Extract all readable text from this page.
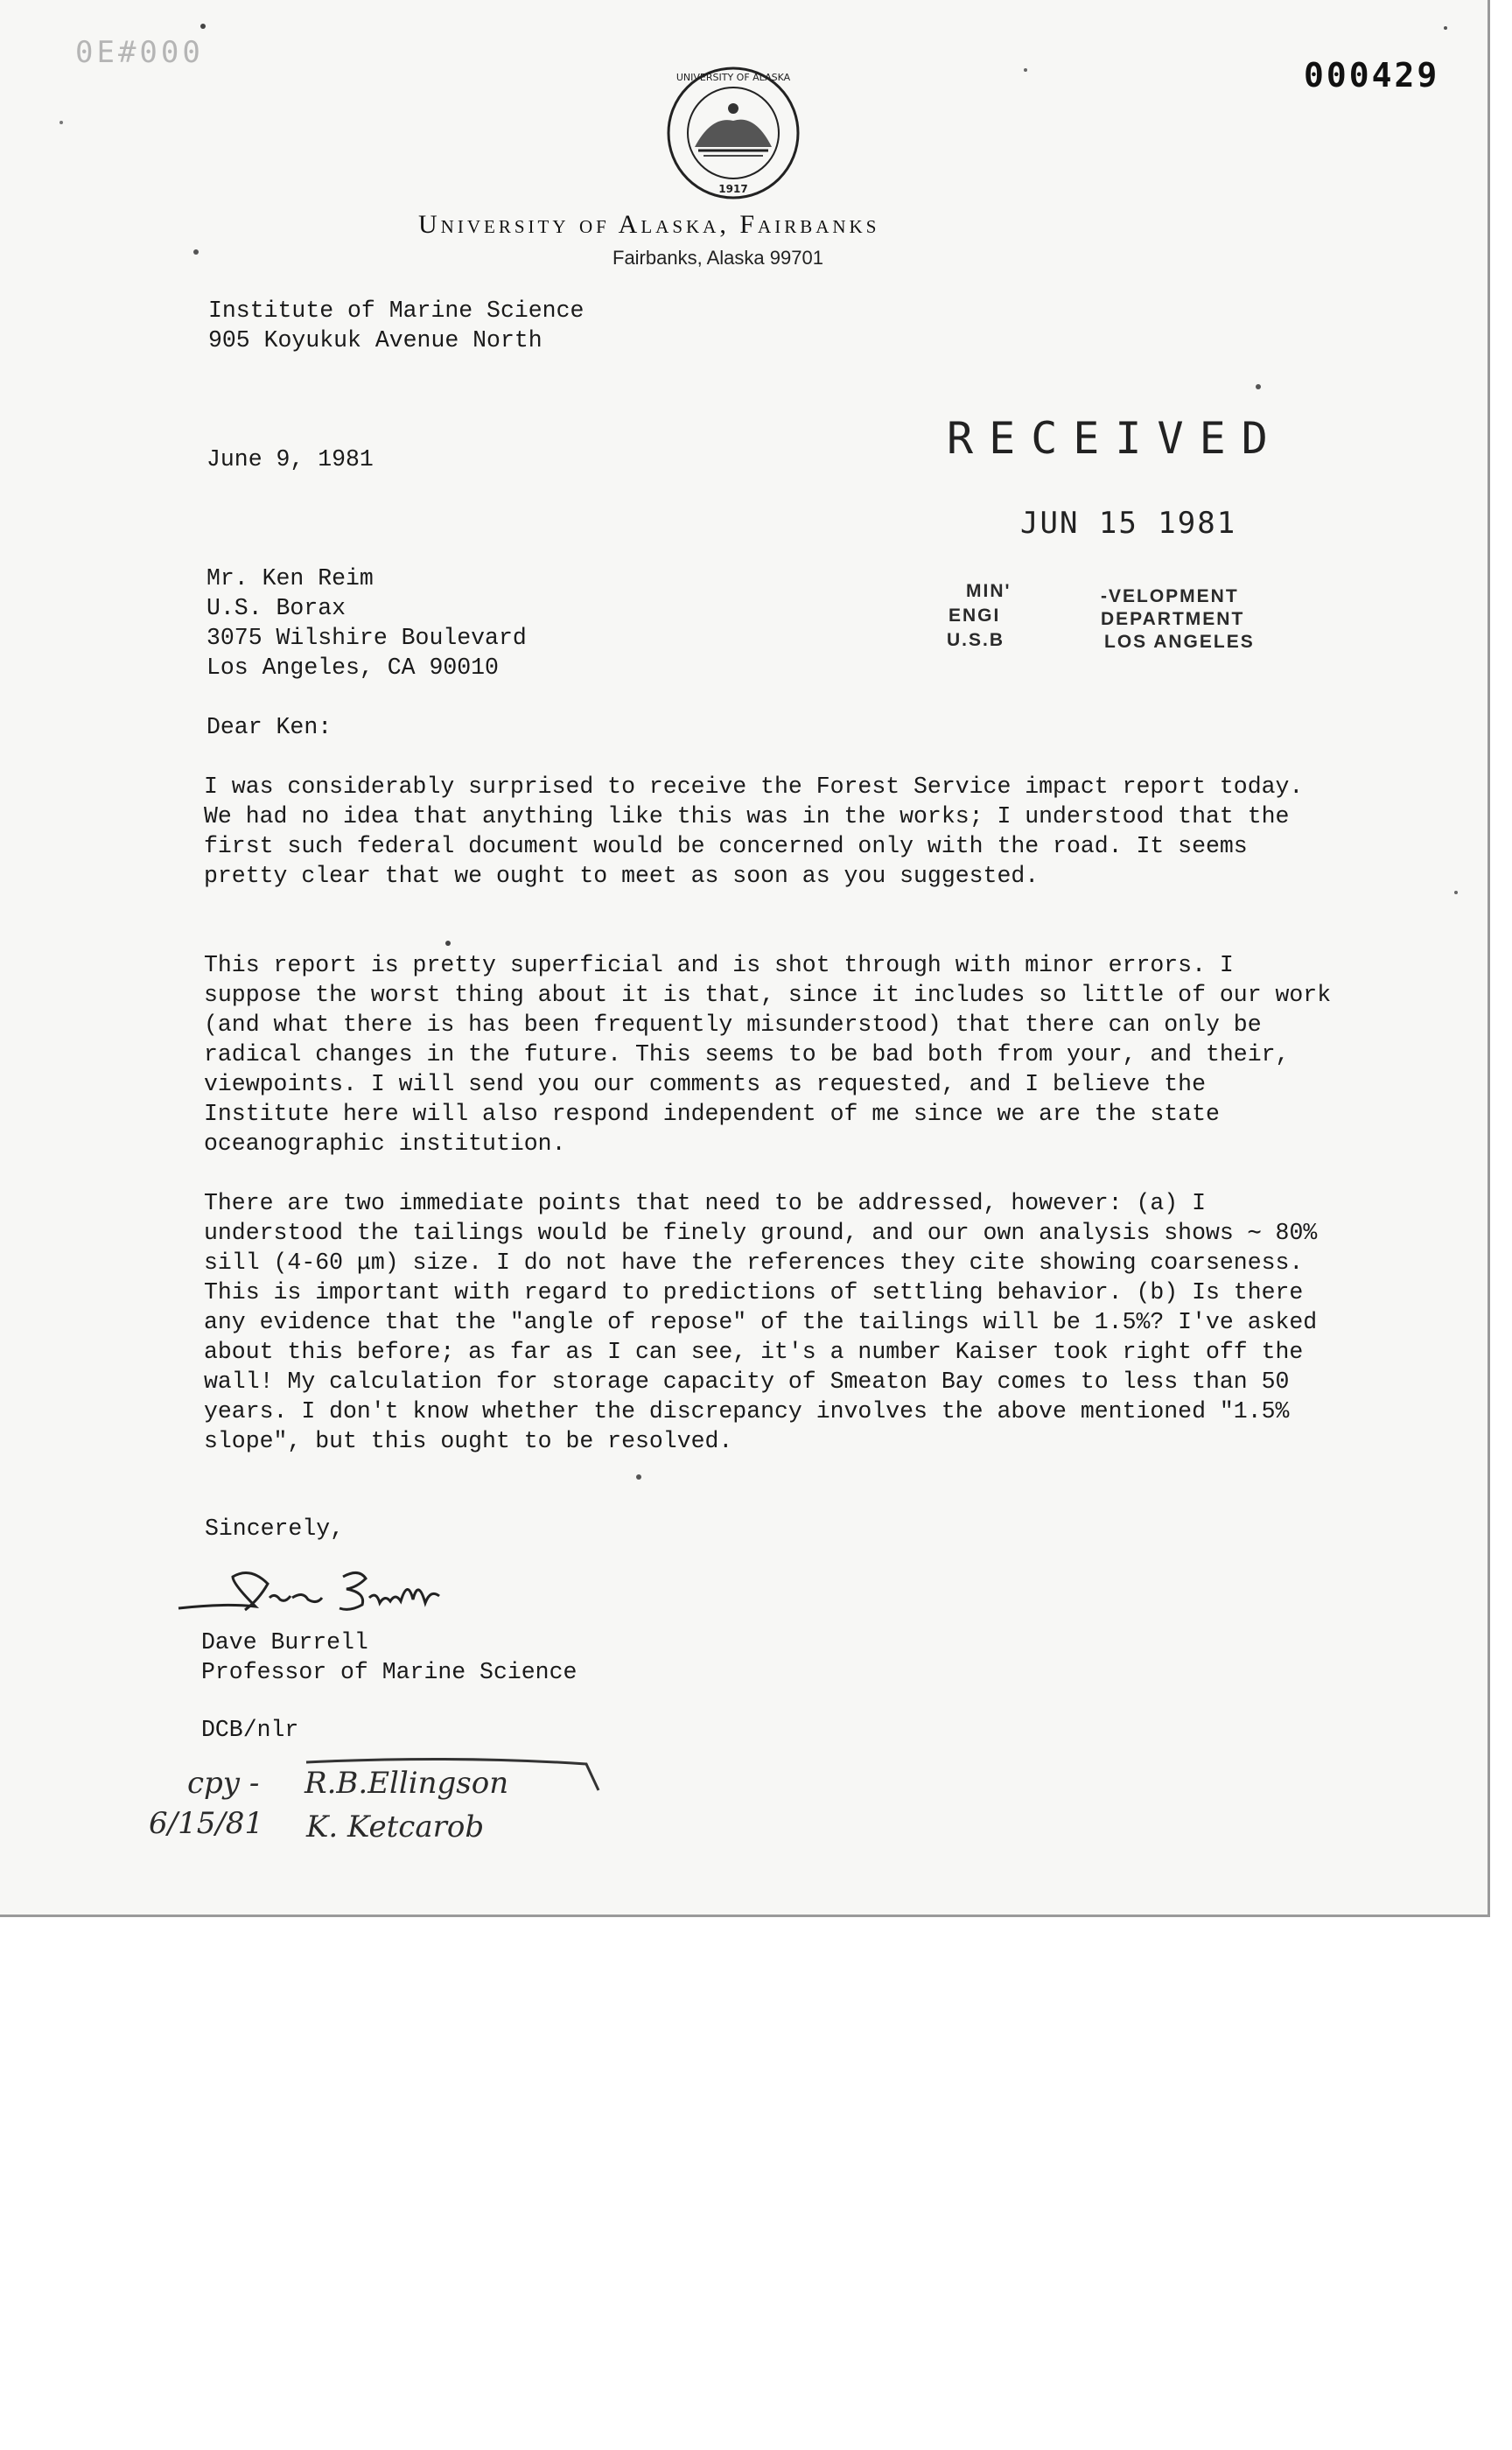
0E#000
000429
UNIVERSITY OF ALASKA
1917
University of Alaska, Fairbanks
Fairbanks, Alaska 99701
Institute of Marine Science
905 Koyukuk Avenue North
June 9, 1981	RECEIVED
JUN 15 1981
MIN'	‐VELOPMENT
ENGI	DEPARTMENT
U.S.B	LOS ANGELES
Mr. Ken Reim
U.S. Borax
3075 Wilshire Boulevard
Los Angeles, CA 90010
Dear Ken:

I was considerably surprised to receive the Forest Service impact report today. We had no idea that anything like this was in the works; I understood that the first such federal document would be concerned only with the road. It seems pretty clear that we ought to meet as soon as you suggested.

This report is pretty superficial and is shot through with minor errors. I suppose the worst thing about it is that, since it includes so little of our work (and what there is has been frequently misunderstood) that there can only be radical changes in the future. This seems to be bad both from your, and their, viewpoints. I will send you our comments as requested, and I believe the Institute here will also respond independent of me since we are the state oceanographic institution.

There are two immediate points that need to be addressed, however: (a) I understood the tailings would be finely ground, and our own analysis shows ∼ 80% sill (4-60 μm) size. I do not have the references they cite showing coarseness. This is important with regard to predictions of settling behavior. (b) Is there any evidence that the "angle of repose" of the tailings will be 1.5%? I've asked about this before; as far as I can see, it's a number Kaiser took right off the wall! My calculation for storage capacity of Smeaton Bay comes to less than 50 years. I don't know whether the discrepancy involves the above mentioned "1.5% slope", but this ought to be resolved.

Sincerely,
Dave Burrell
Professor of Marine Science
DCB/nlr
cpy - R.B.Ellingson
6/15/81 K. Ketcarob
